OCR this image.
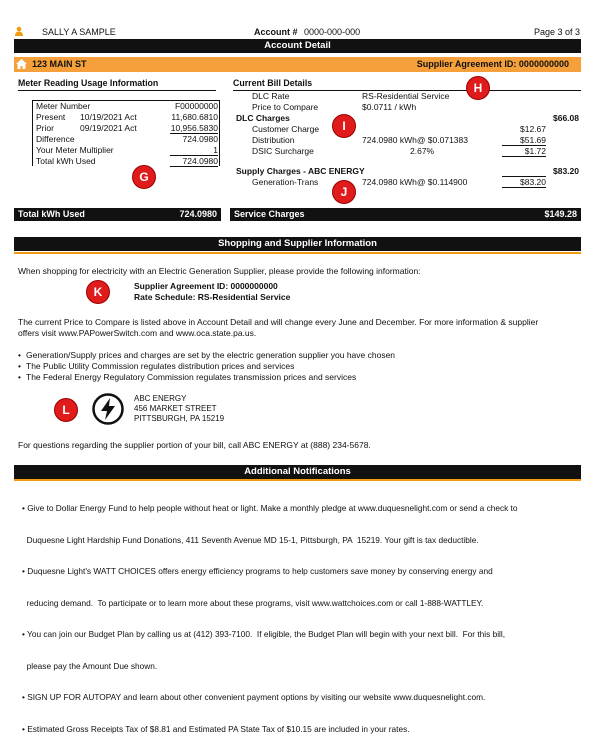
SALLY A SAMPLE	Account # 0000-000-000	Page 3 of 3
Account Detail
123 MAIN ST	Supplier Agreement ID: 0000000000
Meter Reading Usage Information
Meter Number	F00000000
Present 10/19/2021 Act	11,680.6810
Prior	09/19/2021 Act	10,956.5830
Difference	724.0980
Your Meter Multiplier	1
Total kWh Used	724.0980
G
Current Bill Details
DLC Rate	RS-Residential Service
Price to Compare	$0.0711 / kWh
DLC Charges	$66.08
Customer Charge	$12.67
Distribution	724.0980 kWh@ $0.071383	$51.69
DSIC Surcharge	2.67%	$1.72
Supply Charges - ABC ENERGY	$83.20
Generation-Trans	724.0980 kWh@ $0.114900	$83.20
H
I
J
Total kWh Used	724.0980 Service Charges	$149.28
Shopping and Supplier Information
When shopping for electricity with an Electric Generation Supplier, please provide the following information:
K	Supplier Agreement ID: 0000000000
Rate Schedule: RS-Residential Service
The current Price to Compare is listed above in Account Detail and will change every June and December. For more information & supplier
offers visit www.PAPowerSwitch.com and www.oca.state.pa.us.
• Generation/Supply prices and charges are set by the electric generation supplier you have chosen
• The Public Utility Commission regulates distribution prices and services
• The Federal Energy Regulatory Commission regulates transmission prices and services
L
ABC ENERGY
456 MARKET STREET
PITTSBURGH, PA 15219
For questions regarding the supplier portion of your bill, call ABC ENERGY at (888) 234-5678.
Additional Notifications

• Give to Dollar Energy Fund to help people without heat or light. Make a monthly pledge at www.duquesnelight.com or send a check to

Duquesne Light Hardship Fund Donations, 411 Seventh Avenue MD 15-1, Pittsburgh, PA  15219. Your gift is tax deductible.

• Duquesne Light's WATT CHOICES offers energy efficiency programs to help customers save money by conserving energy and

reducing demand.  To participate or to learn more about these programs, visit www.wattchoices.com or call 1-888-WATTLEY.

• You can join our Budget Plan by calling us at (412) 393-7100.  If eligible, the Budget Plan will begin with your next bill.  For this bill,

please pay the Amount Due shown.

• SIGN UP FOR AUTOPAY and learn about other convenient payment options by visiting our website www.duquesnelight.com.

• Estimated Gross Receipts Tax of $8.81 and Estimated PA State Tax of $10.15 are included in your rates.
